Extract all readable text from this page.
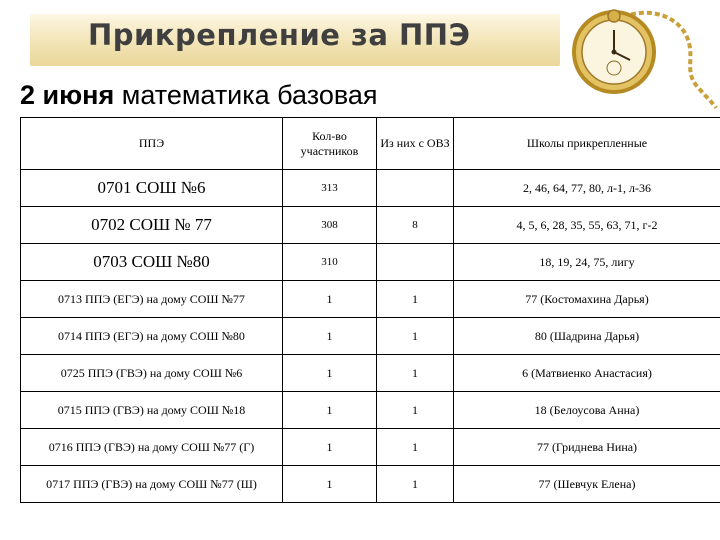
Прикрепление за ППЭ
2 июня математика базовая
ППЭ	Кол-во участников	Из них с ОВЗ	Школы прикрепленные
0701 СОШ №6	313		2, 46, 64, 77, 80, л-1, л-36
0702 СОШ № 77	308	8	4, 5, 6, 28, 35, 55, 63, 71, г-2
0703 СОШ №80	310		18, 19, 24, 75, лигу
0713 ППЭ (ЕГЭ) на дому СОШ №77	1	1	77 (Костомахина Дарья)
0714 ППЭ (ЕГЭ) на дому СОШ №80	1	1	80 (Шадрина Дарья)
0725 ППЭ (ГВЭ) на дому СОШ №6	1	1	6 (Матвиенко Анастасия)
0715 ППЭ (ГВЭ) на дому СОШ №18	1	1	18 (Белоусова Анна)
0716 ППЭ (ГВЭ) на дому СОШ №77 (Г)	1	1	77 (Гриднева Нина)
0717 ППЭ (ГВЭ) на дому СОШ №77 (Ш)	1	1	77 (Шевчук Елена)
